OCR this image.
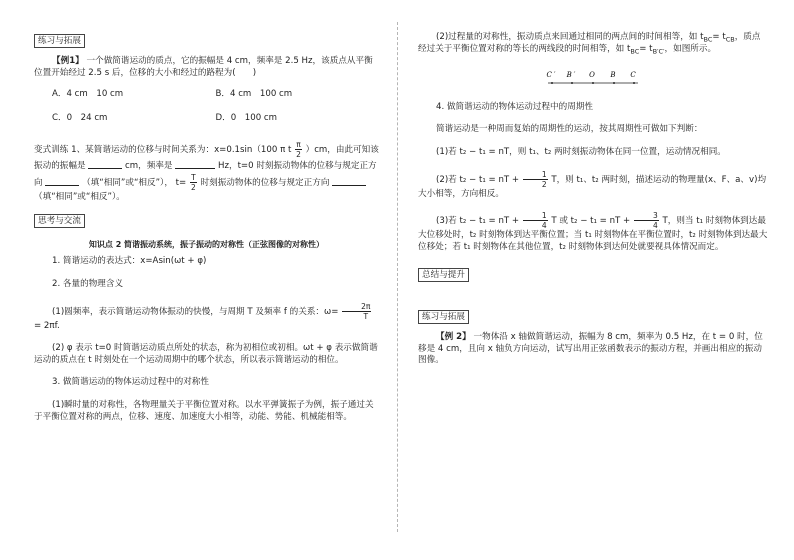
练习与拓展

【例1】 一个做简谐运动的质点，它的振幅是 4 cm，频率是 2.5 Hz，该质点从平衡位置开始经过 2.5 s 后，位移的大小和经过的路程为(　　)

A．4 cm　10 cm	B．4 cm　100 cm
C．0　24 cm	D．0　100 cm

变式训练 1、某简谐运动的位移与时间关系为：x=0.1sin（100 π t $\frac{\pi}{2} )cm$，由此可知该振动的振幅是	cm，频率是	Hz，t=0 时刻振动物体的位移与规定正方向	（填“相同”或“相反”）， $t= \frac{T}{2}$ 时刻振动物体的位移与规定正方向  （填“相同”或“相反”）。

思考与交流
知识点 2 简谐振动系统，振子振动的对称性（正弦图像的对称性）

1. 简谐运动的表达式：x=Asin(ωt + φ)

2. 各量的物理含义

(1)圆频率，表示简谐运动物体振动的快慢，与周期 T 及频率 f 的关系：$\omega= \frac{2\pi}{T}$
= 2πf.

(2) φ 表示 t=0 时简谐运动质点所处的状态，称为初相位或初相。ωt + φ 表示做简谐运动的质点在 t 时刻处在一个运动周期中的哪个状态，所以表示简谐运动的相位。

3. 做简谐运动的物体运动过程中的对称性

(1)瞬时量的对称性，各物理量关于平衡位置对称。以水平弹簧振子为例，振子通过关于平衡位置对称的两点，位移、速度、加速度大小相等，动能、势能、机械能相等。

(2)过程量的对称性，振动质点来回通过相同的两点间的时间相等，如 $t_{BC}= t_{CB}$，质点经过关于平衡位置对称的等长的两线段的时间相等，如 $t_{BC}= t_{B'C'}$，如图所示。

C′ B′ O B C

4. 做简谐运动的物体运动过程中的周期性

简谐运动是一种周而复始的周期性的运动，按其周期性可做如下判断：

(1)若 t₂ − t₁ = nT，则 t₁、t₂ 两时刻振动物体在同一位置，运动情况相同。

(2)若 t₂ − t₁ = nT + $\frac{1}{2}$ T，则 t₁、t₂ 两时刻，描述运动的物理量(x、F、a、v)均大小相等，方向相反。

(3)若 t₂ − t₁ = nT + $\frac{1}{4}$ T 或 t₂ − t₁ = nT + $\frac{3}{4}$ T，则当 t₁ 时刻物体到达最大位移处时，t₂ 时刻物体到达平衡位置；当 t₁ 时刻物体在平衡位置时，t₂ 时刻物体到达最大位移处；若 t₁ 时刻物体在其他位置，t₂ 时刻物体到达何处就要视具体情况而定。

总结与提升
练习与拓展

【例 2】 一物体沿 x 轴做简谐运动，振幅为 8 cm，频率为 0.5 Hz，在 t = 0 时，位移是 4 cm，且向 x 轴负方向运动，试写出用正弦函数表示的振动方程，并画出相应的振动图像。
